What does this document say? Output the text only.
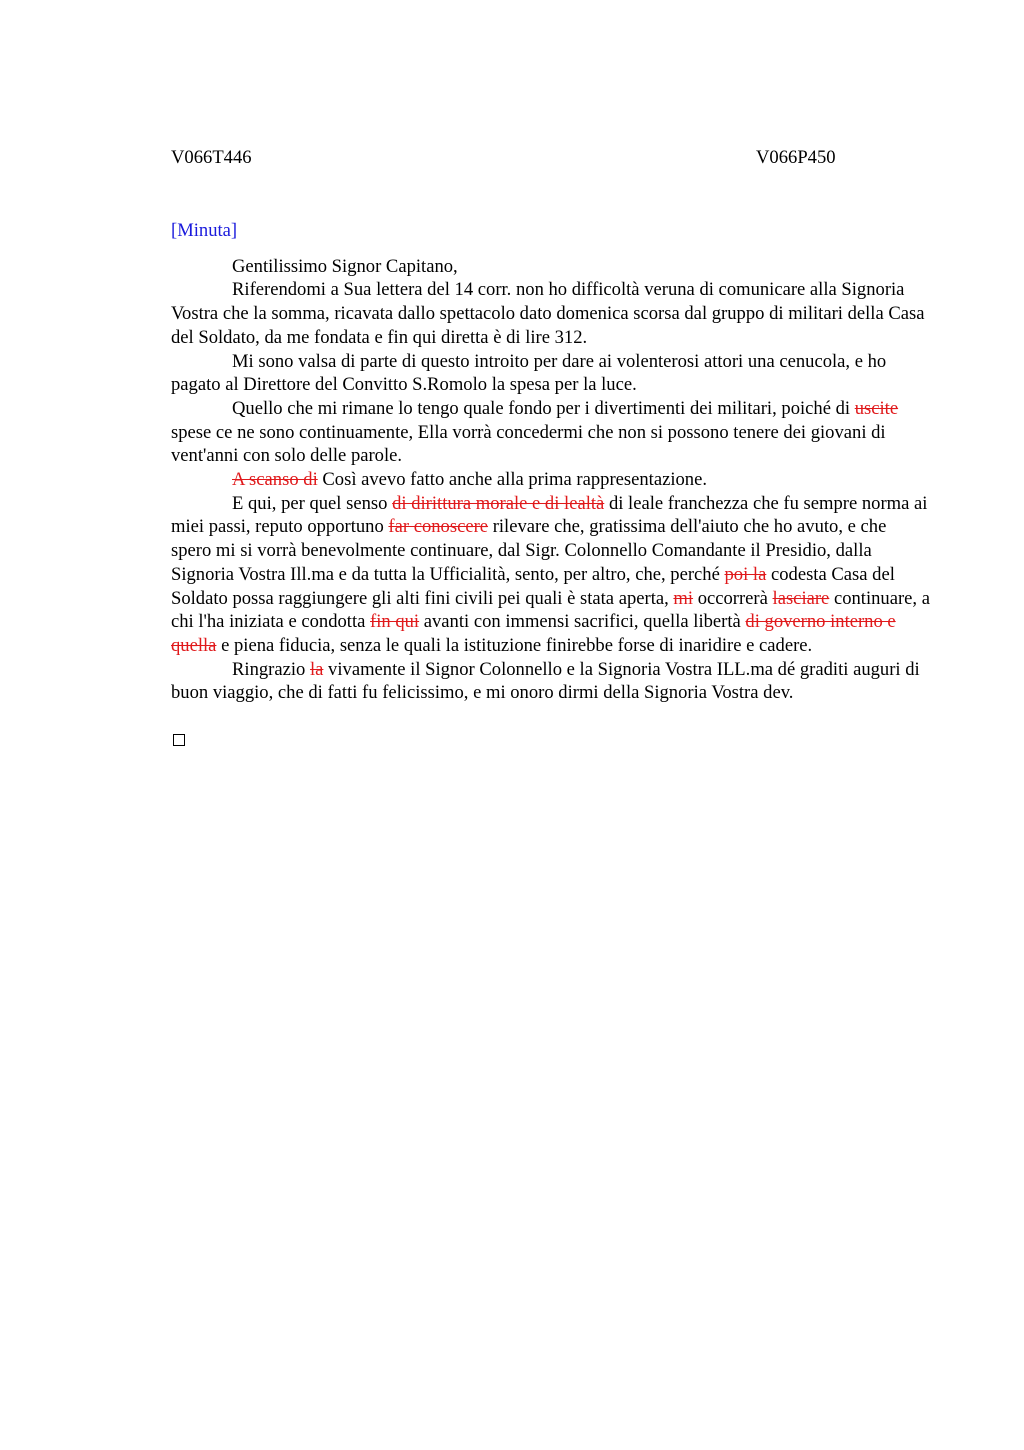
V066T446	V066P450
[Minuta]

Gentilissimo Signor Capitano,

Riferendomi a Sua lettera del 14 corr. non ho difficoltà veruna di comunicare alla Signoria Vostra che la somma, ricavata dallo spettacolo dato domenica scorsa dal gruppo di militari della Casa del Soldato, da me fondata e fin qui diretta è di lire 312.

Mi sono valsa di parte di questo introito per dare ai volenterosi attori una cenucola, e ho pagato al Direttore del Convitto S.Romolo la spesa per la luce.

Quello che mi rimane lo tengo quale fondo per i divertimenti dei militari, poiché di uscite spese ce ne sono continuamente, Ella vorrà concedermi che non si possono tenere dei giovani di vent'anni con solo delle parole.

A scanso di Così avevo fatto anche alla prima rappresentazione.

E qui, per quel senso di dirittura morale e di lealtà di leale franchezza che fu sempre norma ai miei passi, reputo opportuno far conoscere rilevare che, gratissima dell'aiuto che ho avuto, e che spero mi si vorrà benevolmente continuare, dal Sigr. Colonnello Comandante il Presidio, dalla Signoria Vostra Ill.ma e da tutta la Ufficialità, sento, per altro, che, perché poi la codesta Casa del Soldato possa raggiungere gli alti fini civili pei quali è stata aperta, mi occorrerà lasciare continuare, a chi l'ha iniziata e condotta fin qui avanti con immensi sacrifici, quella libertà di governo interno e quella e piena fiducia, senza le quali la istituzione finirebbe forse di inaridire e cadere.

Ringrazio la vivamente il Signor Colonnello e la Signoria Vostra ILL.ma dé graditi auguri di buon viaggio, che di fatti fu felicissimo, e mi onoro dirmi della Signoria Vostra dev.
